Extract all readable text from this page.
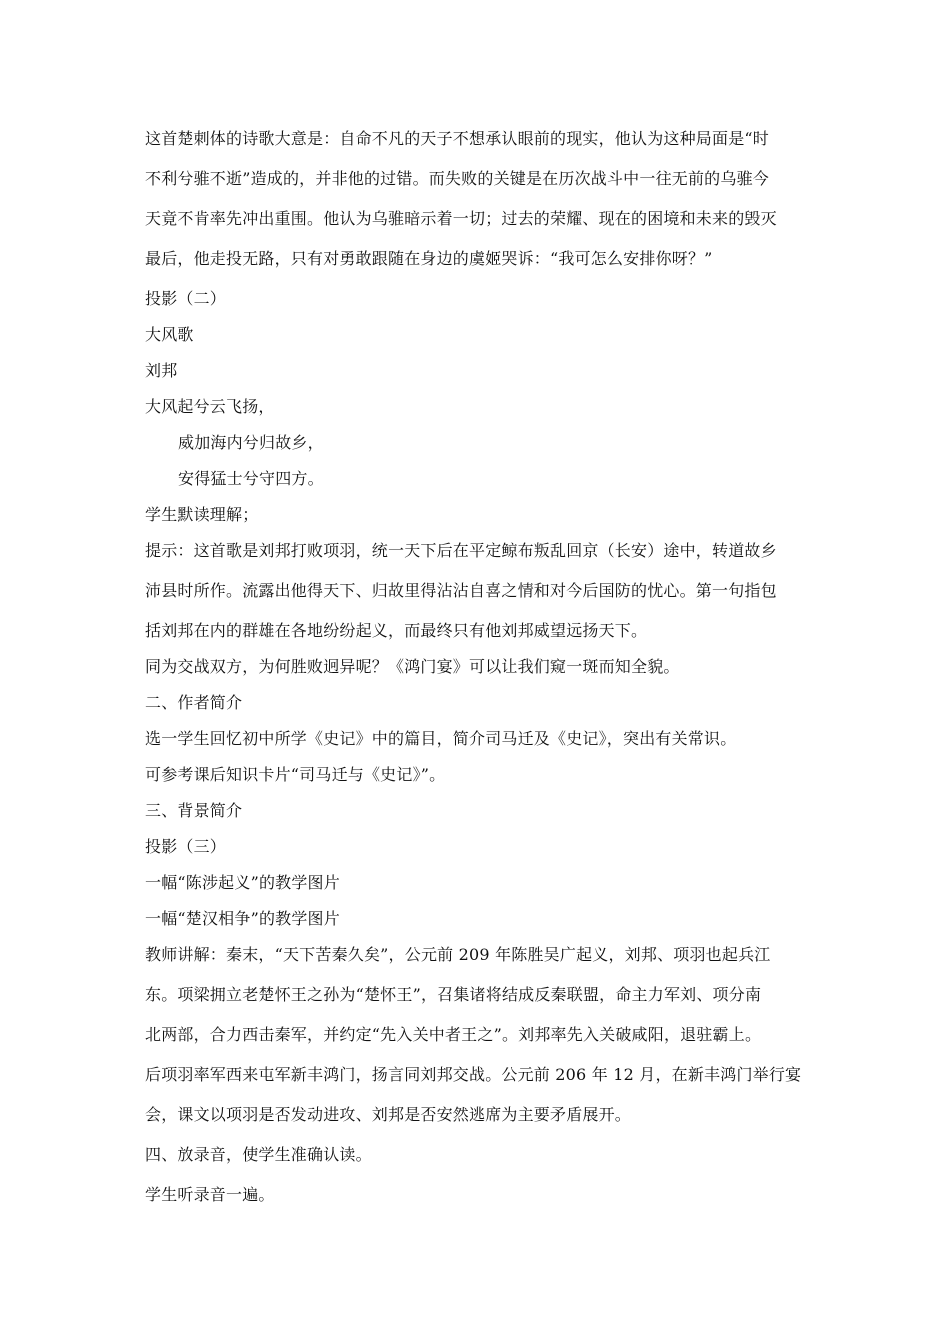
这首楚刺体的诗歌大意是：自命不凡的天子不想承认眼前的现实，他认为这种局面是“时
不利兮骓不逝”造成的，并非他的过错。而失败的关键是在历次战斗中一往无前的乌骓今
天竟不肯率先冲出重围。他认为乌骓暗示着一切；过去的荣耀、现在的困境和未来的毁灭
最后，他走投无路，只有对勇敢跟随在身边的虞姬哭诉：“我可怎么安排你呀？”
投影（二）
大风歌
刘邦
大风起兮云飞扬，
威加海内兮归故乡，
安得猛士兮守四方。
学生默读理解；
提示：这首歌是刘邦打败项羽，统一天下后在平定鲸布叛乱回京（长安）途中，转道故乡
沛县时所作。流露出他得天下、归故里得沾沾自喜之情和对今后国防的忧心。第一句指包
括刘邦在内的群雄在各地纷纷起义，而最终只有他刘邦威望远扬天下。
同为交战双方，为何胜败迥异呢？《鸿门宴》可以让我们窥一斑而知全貌。
二、作者简介
选一学生回忆初中所学《史记》中的篇目，简介司马迁及《史记》，突出有关常识。
可参考课后知识卡片“司马迁与《史记》”。
三、背景简介
投影（三）
一幅“陈涉起义”的教学图片
一幅“楚汉相争”的教学图片
教师讲解：秦末，“天下苦秦久矣”，公元前 209 年陈胜吴广起义，刘邦、项羽也起兵江
东。项梁拥立老楚怀王之孙为“楚怀王”，召集诸将结成反秦联盟，命主力军刘、项分南
北两部，合力西击秦军，并约定“先入关中者王之”。刘邦率先入关破咸阳，退驻霸上。
后项羽率军西来屯军新丰鸿门，扬言同刘邦交战。公元前 206 年 12 月，在新丰鸿门举行宴
会，课文以项羽是否发动进攻、刘邦是否安然逃席为主要矛盾展开。
四、放录音，使学生准确认读。
学生听录音一遍。
